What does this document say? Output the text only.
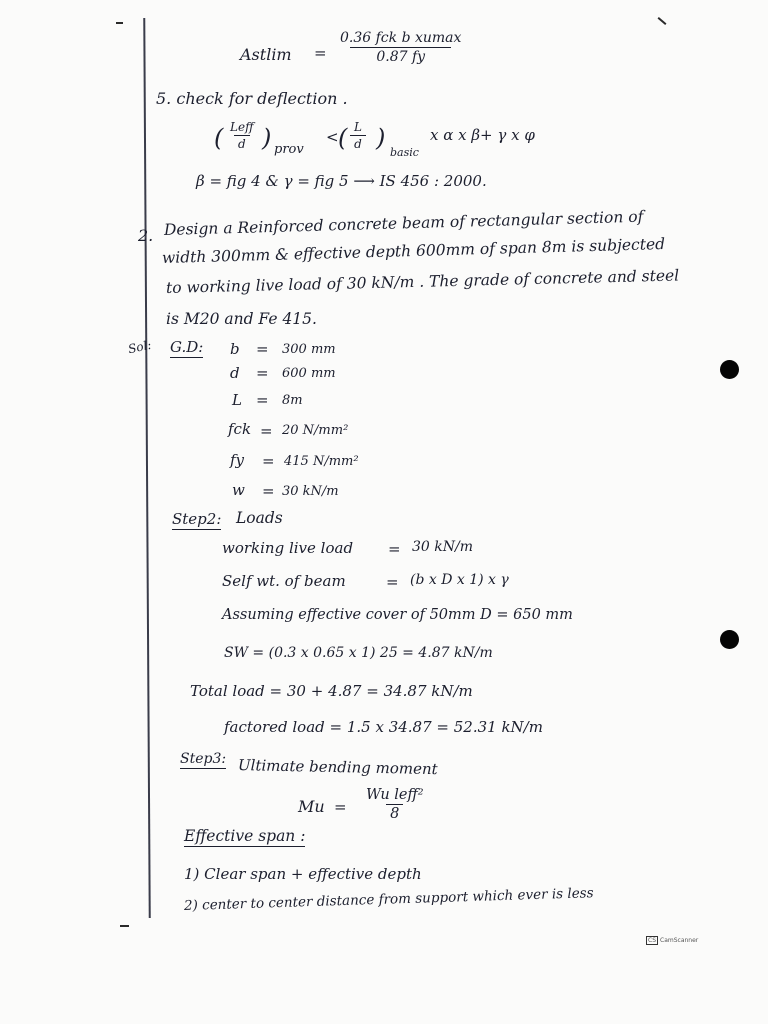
Astlim =
0.36 fck b xumax
0.87 fy
5. check for deflection .
( Leff
d ) prov
< ( $\frac{L}{d}$ )
basic
x α x β+ γ x φ
β = fig 4 & γ = fig 5 ⟶ IS 456 : 2000.
2. Design a Reinforced concrete beam of rectangular section of
width 300mm & effective depth 600mm of span 8m is subjected
to working live load of 30 kN/m . The grade of concrete and steel
is M20 and Fe 415.
Sol: G.D: b = 300 mm
d = 600 mm
L = 8m
fck = 20 N/mm²
fy = 415 N/mm²
w = 30 kN/m
Step2: Loads
working live load = 30 kN/m
Self wt. of beam	= (b x D x 1) x γ
Assuming effective cover of 50mm D = 650 mm
SW = (0.3 x 0.65 x 1) 25 = 4.87 kN/m
Total load = 30 + 4.87 = 34.87 kN/m
factored load = 1.5 x 34.87 = 52.31 kN/m
Step3: Ultimate bending moment
Mu =
Wu leff²
8
Effective span :
1) Clear span + effective depth
2) center to center distance from support which ever is less
CS CamScanner
